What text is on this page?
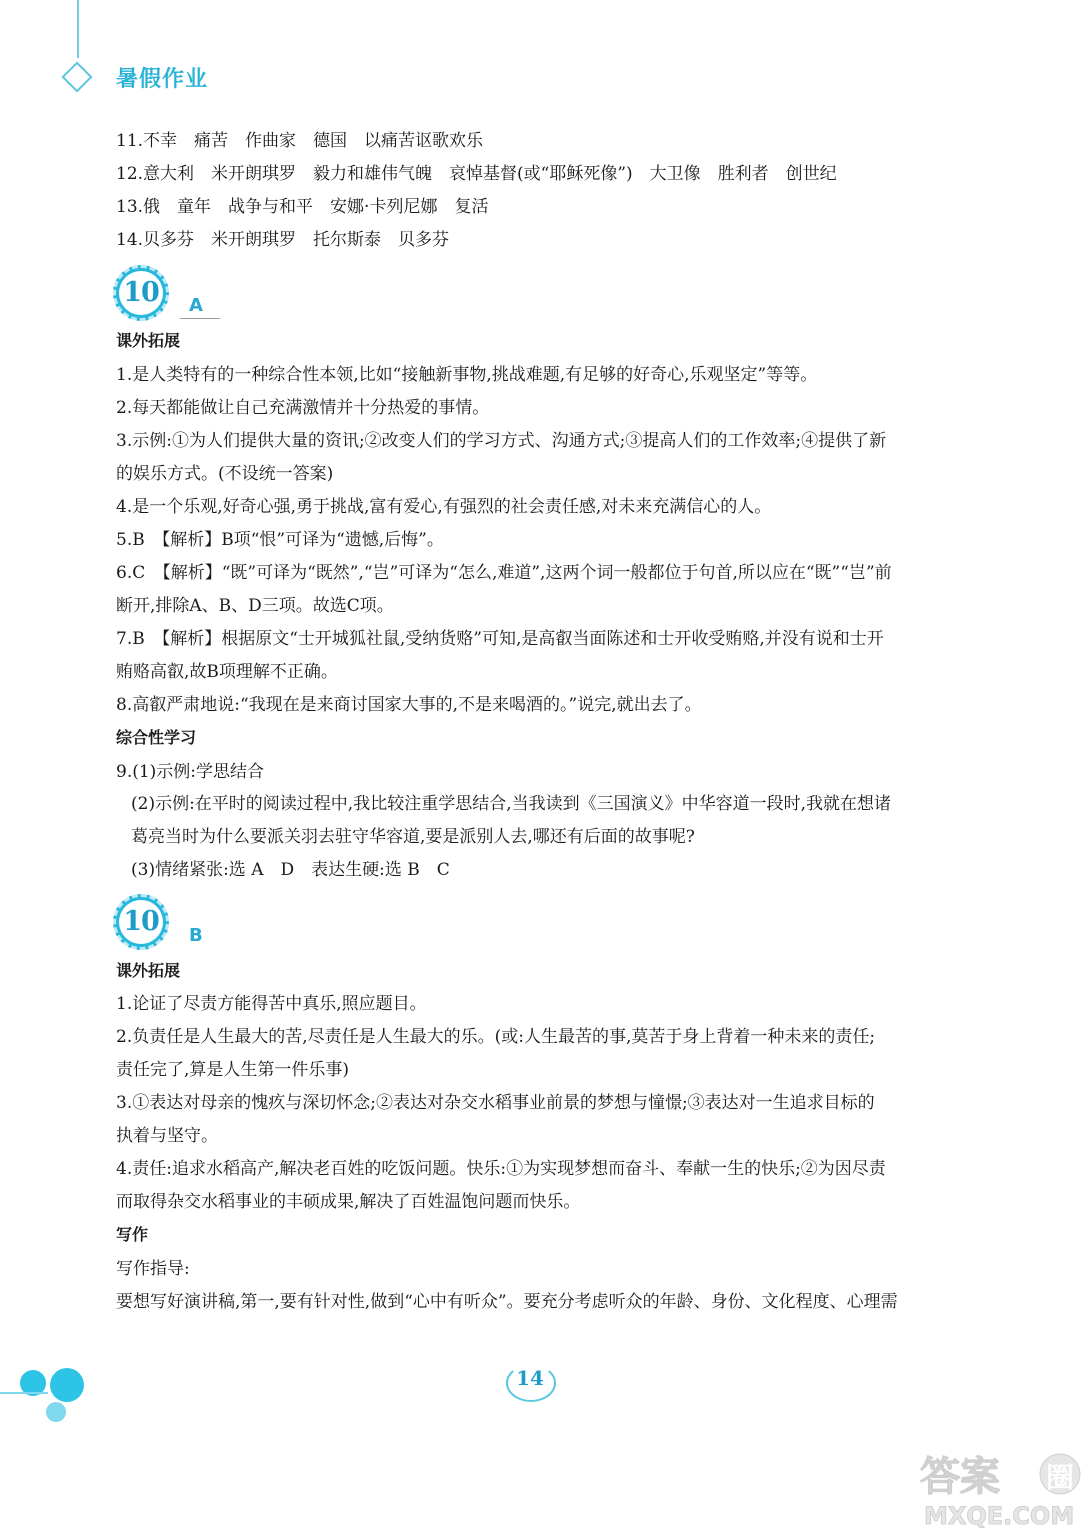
暑假作业
11.不幸　痛苦　作曲家　德国　以痛苦讴歌欢乐
12.意大利　米开朗琪罗　毅力和雄伟气魄　哀悼基督(或“耶稣死像”)　大卫像　胜利者　创世纪
13.俄　童年　战争与和平　安娜·卡列尼娜　复活
14.贝多芬　米开朗琪罗　托尔斯泰　贝多芬
10 A
课外拓展
1.是人类特有的一种综合性本领,比如“接触新事物,挑战难题,有足够的好奇心,乐观坚定”等等。
2.每天都能做让自己充满激情并十分热爱的事情。
3.示例:①为人们提供大量的资讯;②改变人们的学习方式、沟通方式;③提高人们的工作效率;④提供了新
的娱乐方式。(不设统一答案)
4.是一个乐观,好奇心强,勇于挑战,富有爱心,有强烈的社会责任感,对未来充满信心的人。
5.B　【解析】B项“恨”可译为“遗憾,后悔”。
6.C　【解析】“既”可译为“既然”,“岂”可译为“怎么,难道”,这两个词一般都位于句首,所以应在“既”“岂”前
断开,排除A、B、D三项。故选C项。
7.B　【解析】根据原文“士开城狐社鼠,受纳货赂”可知,是高叡当面陈述和士开收受贿赂,并没有说和士开
贿赂高叡,故B项理解不正确。
8.高叡严肃地说:“我现在是来商讨国家大事的,不是来喝酒的。”说完,就出去了。
综合性学习
9.(1)示例:学思结合
(2)示例:在平时的阅读过程中,我比较注重学思结合,当我读到《三国演义》中华容道一段时,我就在想诸
葛亮当时为什么要派关羽去驻守华容道,要是派别人去,哪还有后面的故事呢?
(3)情绪紧张:选 A　D　表达生硬:选 B　C
10 B
课外拓展
1.论证了尽责方能得苦中真乐,照应题目。
2.负责任是人生最大的苦,尽责任是人生最大的乐。(或:人生最苦的事,莫苦于身上背着一种未来的责任;
责任完了,算是人生第一件乐事)
3.①表达对母亲的愧疚与深切怀念;②表达对杂交水稻事业前景的梦想与憧憬;③表达对一生追求目标的
执着与坚守。
4.责任:追求水稻高产,解决老百姓的吃饭问题。快乐:①为实现梦想而奋斗、奉献一生的快乐;②为因尽责
而取得杂交水稻事业的丰硕成果,解决了百姓温饱问题而快乐。
写作
写作指导:
要想写好演讲稿,第一,要有针对性,做到“心中有听众”。要充分考虑听众的年龄、身份、文化程度、心理需
14
答案 圈
MXQE.COM
